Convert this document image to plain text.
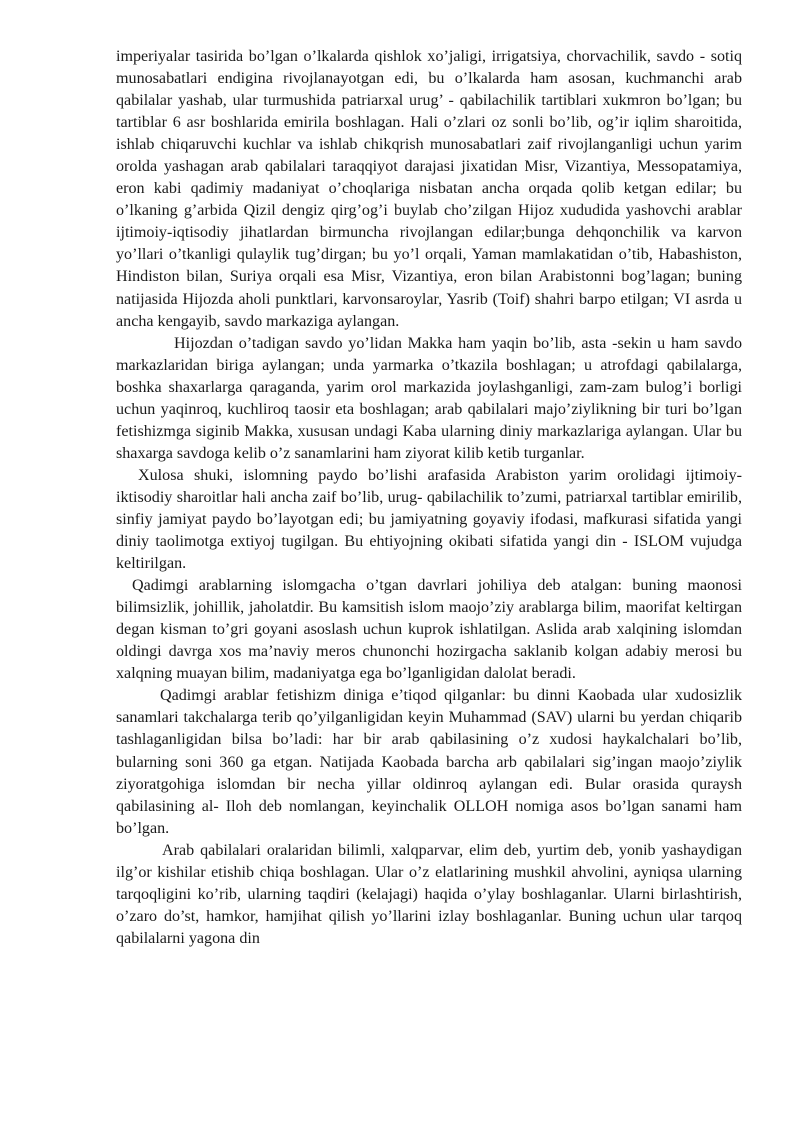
imperiyalar tasirida bo’lgan o’lkalarda qishlok xo’jaligi, irrigatsiya, chorvachilik, savdo - sotiq munosabatlari endigina rivojlanayotgan edi, bu o’lkalarda ham asosan, kuchmanchi arab qabilalar yashab, ular turmushida patriarxal urug’ - qabilachilik tartiblari xukmron bo’lgan; bu tartiblar 6 asr boshlarida emirila boshlagan. Hali o’zlari oz sonli bo’lib, og’ir iqlim sharoitida, ishlab chiqaruvchi kuchlar va ishlab chikqrish munosabatlari zaif rivojlanganligi uchun yarim orolda yashagan arab qabilalari taraqqiyot darajasi jixatidan Misr, Vizantiya, Messopatamiya, eron kabi qadimiy madaniyat o’choqlariga nisbatan ancha orqada qolib ketgan edilar; bu o’lkaning g’arbida Qizil dengiz qirg’og’i buylab cho’zilgan Hijoz xududida yashovchi arablar ijtimoiy-iqtisodiy jihatlardan birmuncha rivojlangan edilar;bunga dehqonchilik va karvon yo’llari o’tkanligi qulaylik tug’dirgan; bu yo’l orqali, Yaman mamlakatidan o’tib, Habashiston, Hindiston bilan, Suriya orqali esa Misr, Vizantiya, eron bilan Arabistonni bog’lagan; buning natijasida Hijozda aholi punktlari, karvonsaroylar, Yasrib (Toif) shahri barpo etilgan; VI asrda u ancha kengayib, savdo markaziga aylangan.

Hijozdan o’tadigan savdo yo’lidan Makka ham yaqin bo’lib, asta -sekin u ham savdo markazlaridan biriga aylangan; unda yarmarka o’tkazila boshlagan; u atrofdagi qabilalarga, boshka shaxarlarga qaraganda, yarim orol markazida joylashganligi, zam-zam bulog’i borligi uchun yaqinroq, kuchliroq taosir eta boshlagan; arab qabilalari majo’ziylikning bir turi bo’lgan fetishizmga siginib Makka, xususan undagi Kaba ularning diniy markazlariga aylangan. Ular bu shaxarga savdoga kelib o’z sanamlarini ham ziyorat kilib ketib turganlar.

Xulosa shuki, islomning paydo bo’lishi arafasida Arabiston yarim orolidagi ijtimoiy- iktisodiy sharoitlar hali ancha zaif bo’lib, urug- qabilachilik to’zumi, patriarxal tartiblar emirilib, sinfiy jamiyat paydo bo’layotgan edi; bu jamiyatning goyaviy ifodasi, mafkurasi sifatida yangi diniy taolimotga extiyoj tugilgan. Bu ehtiyojning okibati sifatida yangi din - ISLOM vujudga keltirilgan.

Qadimgi arablarning islomgacha o’tgan davrlari johiliya deb atalgan: buning maonosi bilimsizlik, johillik, jaholatdir. Bu kamsitish islom maojo’ziy arablarga bilim, maorifat keltirgan degan kisman to’gri goyani asoslash uchun kuprok ishlatilgan. Aslida arab xalqining islomdan oldingi davrga xos ma’naviy meros chunonchi hozirgacha saklanib kolgan adabiy merosi bu xalqning muayan bilim, madaniyatga ega bo’lganligidan dalolat beradi.

Qadimgi arablar fetishizm diniga e’tiqod qilganlar: bu dinni Kaobada ular xudosizlik sanamlari takchalarga terib qo’yilganligidan keyin Muhammad (SAV) ularni bu yerdan chiqarib tashlaganligidan bilsa bo’ladi: har bir arab qabilasining o’z xudosi haykalchalari bo’lib, bularning soni 360 ga etgan. Natijada Kaobada barcha arb qabilalari sig’ingan maojo’ziylik ziyoratgohiga islomdan bir necha yillar oldinroq aylangan edi. Bular orasida quraysh qabilasining al- Iloh deb nomlangan, keyinchalik OLLOH nomiga asos bo’lgan sanami ham bo’lgan.

Arab qabilalari oralaridan bilimli, xalqparvar, elim deb, yurtim deb, yonib yashaydigan ilg’or kishilar etishib chiqa boshlagan. Ular o’z elatlarining mushkil ahvolini, ayniqsa ularning tarqoqligini ko’rib, ularning taqdiri (kelajagi) haqida o’ylay boshlaganlar. Ularni birlashtirish, o’zaro do’st, hamkor, hamjihat qilish yo’llarini izlay boshlaganlar. Buning uchun ular tarqoq qabilalarni yagona din
